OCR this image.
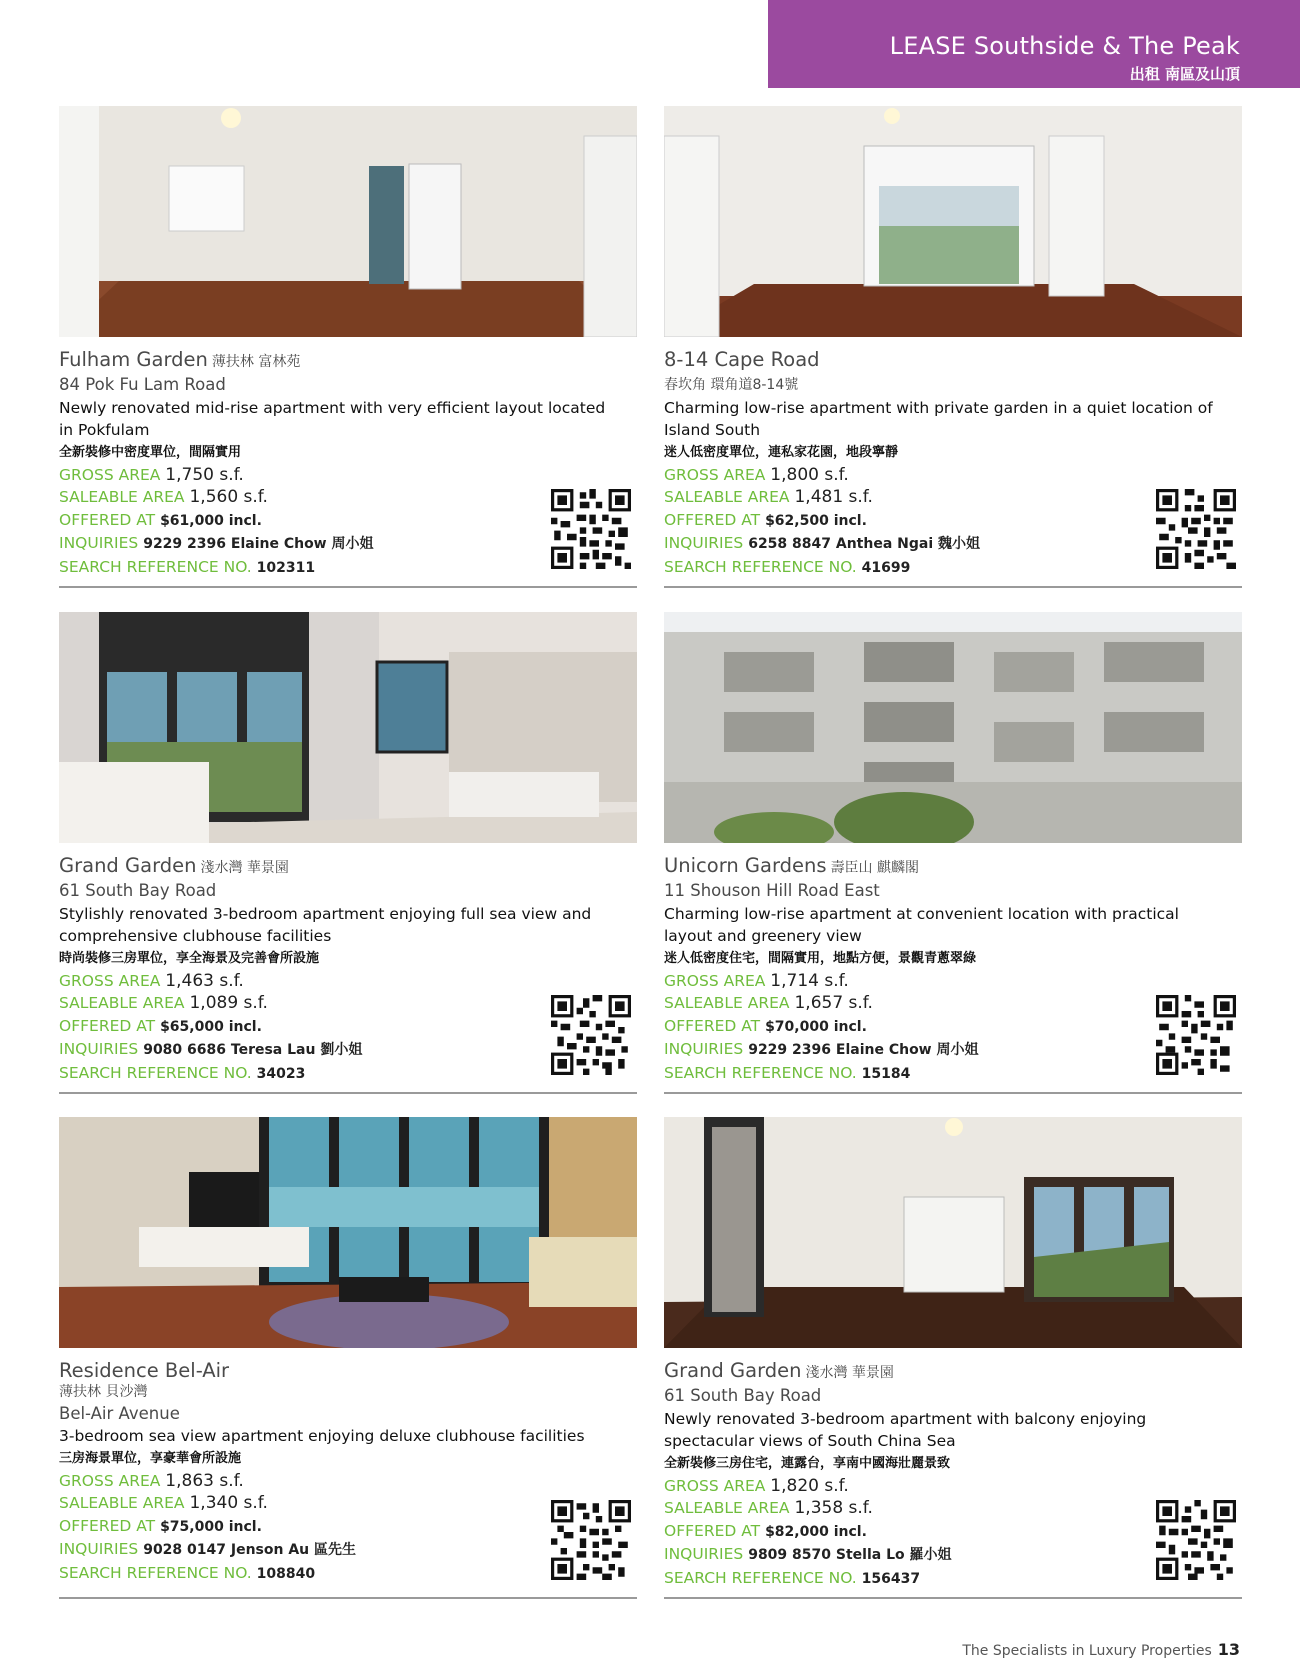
LEASE Southside & The Peak
出租 南區及山頂
Fulham Garden 薄扶林 富林苑
84 Pok Fu Lam Road
Newly renovated mid-rise apartment with very efficient layout located in Pokfulam
全新裝修中密度單位，間隔實用
GROSS AREA 1,750 s.f.
SALEABLE AREA 1,560 s.f.
OFFERED AT $61,000 incl.
INQUIRIES 9229 2396 Elaine Chow 周小姐
SEARCH REFERENCE NO. 102311
8-14 Cape Road
春坎角 環角道8-14號
Charming low-rise apartment with private garden in a quiet location of Island South
迷人低密度單位，連私家花園，地段寧靜
GROSS AREA 1,800 s.f.
SALEABLE AREA 1,481 s.f.
OFFERED AT $62,500 incl.
INQUIRIES 6258 8847 Anthea Ngai 魏小姐
SEARCH REFERENCE NO. 41699
Grand Garden 淺水灣 華景園
61 South Bay Road
Stylishly renovated 3-bedroom apartment enjoying full sea view and comprehensive clubhouse facilities
時尚裝修三房單位，享全海景及完善會所設施
GROSS AREA 1,463 s.f.
SALEABLE AREA 1,089 s.f.
OFFERED AT $65,000 incl.
INQUIRIES 9080 6686 Teresa Lau 劉小姐
SEARCH REFERENCE NO. 34023
Unicorn Gardens 壽臣山 麒麟閣
11 Shouson Hill Road East
Charming low-rise apartment at convenient location with practical layout and greenery view
迷人低密度住宅，間隔實用，地點方便，景觀青蔥翠綠
GROSS AREA 1,714 s.f.
SALEABLE AREA 1,657 s.f.
OFFERED AT $70,000 incl.
INQUIRIES 9229 2396 Elaine Chow 周小姐
SEARCH REFERENCE NO. 15184
Residence Bel-Air
薄扶林 貝沙灣
Bel-Air Avenue
3-bedroom sea view apartment enjoying deluxe clubhouse facilities
三房海景單位，享豪華會所設施
GROSS AREA 1,863 s.f.
SALEABLE AREA 1,340 s.f.
OFFERED AT $75,000 incl.
INQUIRIES 9028 0147 Jenson Au 區先生
SEARCH REFERENCE NO. 108840
Grand Garden 淺水灣 華景園
61 South Bay Road
Newly renovated 3-bedroom apartment with balcony enjoying spectacular views of South China Sea
全新裝修三房住宅，連露台，享南中國海壯麗景致
GROSS AREA 1,820 s.f.
SALEABLE AREA 1,358 s.f.
OFFERED AT $82,000 incl.
INQUIRIES 9809 8570 Stella Lo 羅小姐
SEARCH REFERENCE NO. 156437
The Specialists in Luxury Properties 13
